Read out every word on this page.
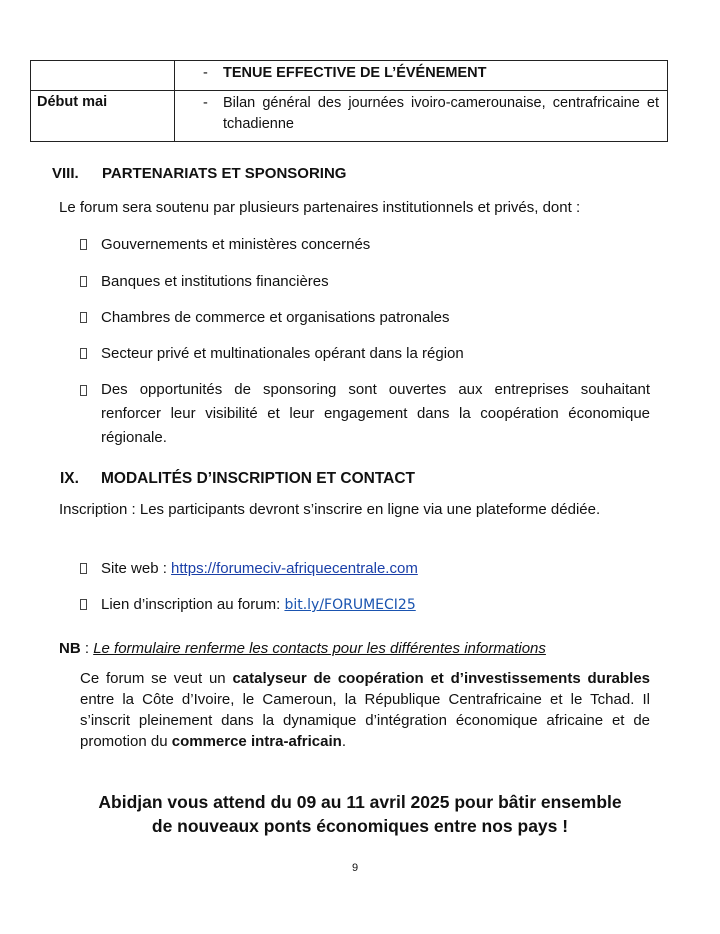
	- TENUE EFFECTIVE DE L’ÉVÉNEMENT

Début mai	- Bilan général des journées ivoiro-camerounaise, centrafricaine et tchadienne
VIII. PARTENARIATS ET SPONSORING
Le forum sera soutenu par plusieurs partenaires institutionnels et privés, dont :
Gouvernements et ministères concernés
Banques et institutions financières
Chambres de commerce et organisations patronales
Secteur privé et multinationales opérant dans la région
Des opportunités de sponsoring sont ouvertes aux entreprises souhaitant renforcer leur visibilité et leur engagement dans la coopération économique régionale.
IX. MODALITÉS D’INSCRIPTION ET CONTACT
Inscription : Les participants devront s’inscrire en ligne via une plateforme dédiée.
Site web : https://forumeciv-afriquecentrale.com
Lien d’inscription au forum: bit.ly/FORUMECI25
NB : Le formulaire renferme les contacts pour les différentes informations
Ce forum se veut un catalyseur de coopération et d’investissements durables entre la Côte d’Ivoire, le Cameroun, la République Centrafricaine et le Tchad. Il s’inscrit pleinement dans la dynamique d’intégration économique africaine et de promotion du commerce intra-africain.
Abidjan vous attend du 09 au 11 avril 2025 pour bâtir ensemble
de nouveaux ponts économiques entre nos pays !
9
